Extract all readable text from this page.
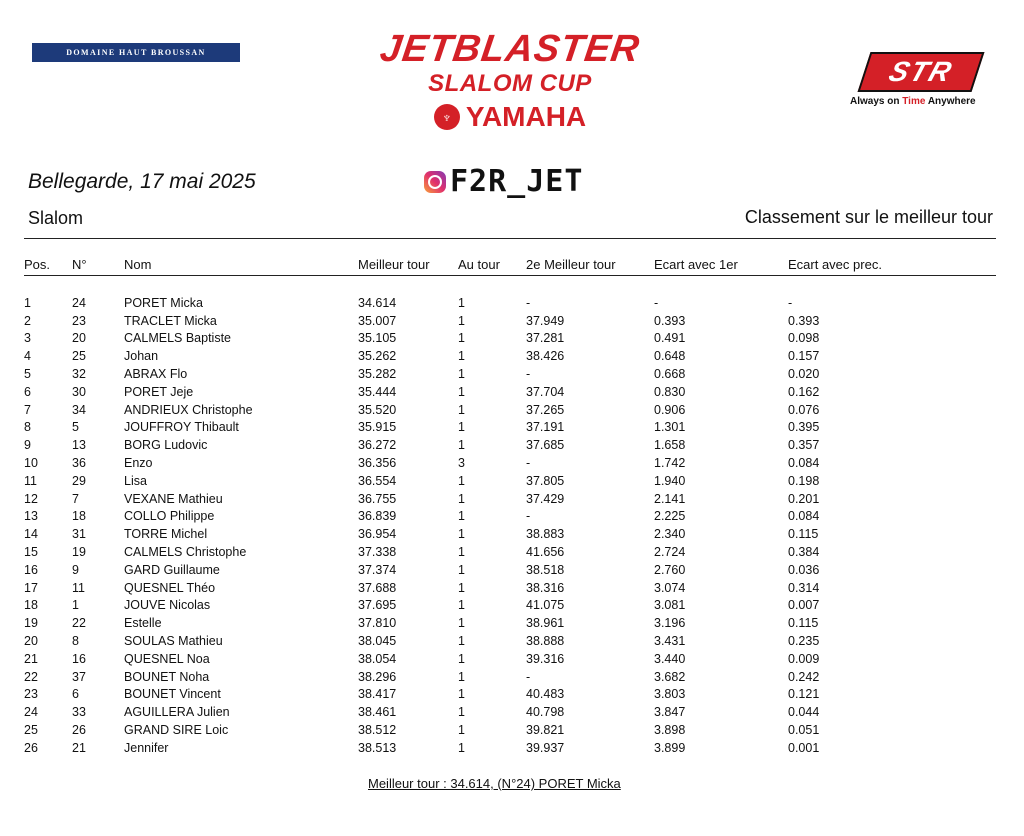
DOMAINE HAUT BROUSSAN	JETBLASTER
SLALOM CUP
♆ YAMAHA
STR
Always on Time Anywhere
Bellegarde, 17 mai 2025	F2R_JET
Slalom	Classement sur le meilleur tour
Pos.	N°	Nom	Meilleur tour	Au tour	2e Meilleur tour	Ecart avec 1er	Ecart avec prec.
1	24	PORET Micka	34.614	1	-	-	-
2	23	TRACLET Micka	35.007	1	37.949	0.393	0.393
3	20	CALMELS Baptiste	35.105	1	37.281	0.491	0.098
4	25	Johan	35.262	1	38.426	0.648	0.157
5	32	ABRAX Flo	35.282	1	-	0.668	0.020
6	30	PORET Jeje	35.444	1	37.704	0.830	0.162
7	34	ANDRIEUX Christophe	35.520	1	37.265	0.906	0.076
8	5	JOUFFROY Thibault	35.915	1	37.191	1.301	0.395
9	13	BORG Ludovic	36.272	1	37.685	1.658	0.357
10	36	Enzo	36.356	3	-	1.742	0.084
11	29	Lisa	36.554	1	37.805	1.940	0.198
12	7	VEXANE Mathieu	36.755	1	37.429	2.141	0.201
13	18	COLLO Philippe	36.839	1	-	2.225	0.084
14	31	TORRE Michel	36.954	1	38.883	2.340	0.115
15	19	CALMELS Christophe	37.338	1	41.656	2.724	0.384
16	9	GARD Guillaume	37.374	1	38.518	2.760	0.036
17	11	QUESNEL Théo	37.688	1	38.316	3.074	0.314
18	1	JOUVE Nicolas	37.695	1	41.075	3.081	0.007
19	22	Estelle	37.810	1	38.961	3.196	0.115
20	8	SOULAS Mathieu	38.045	1	38.888	3.431	0.235
21	16	QUESNEL Noa	38.054	1	39.316	3.440	0.009
22	37	BOUNET Noha	38.296	1	-	3.682	0.242
23	6	BOUNET Vincent	38.417	1	40.483	3.803	0.121
24	33	AGUILLERA Julien	38.461	1	40.798	3.847	0.044
25	26	GRAND SIRE Loic	38.512	1	39.821	3.898	0.051
26	21	Jennifer	38.513	1	39.937	3.899	0.001
Meilleur tour : 34.614, (N°24) PORET Micka
